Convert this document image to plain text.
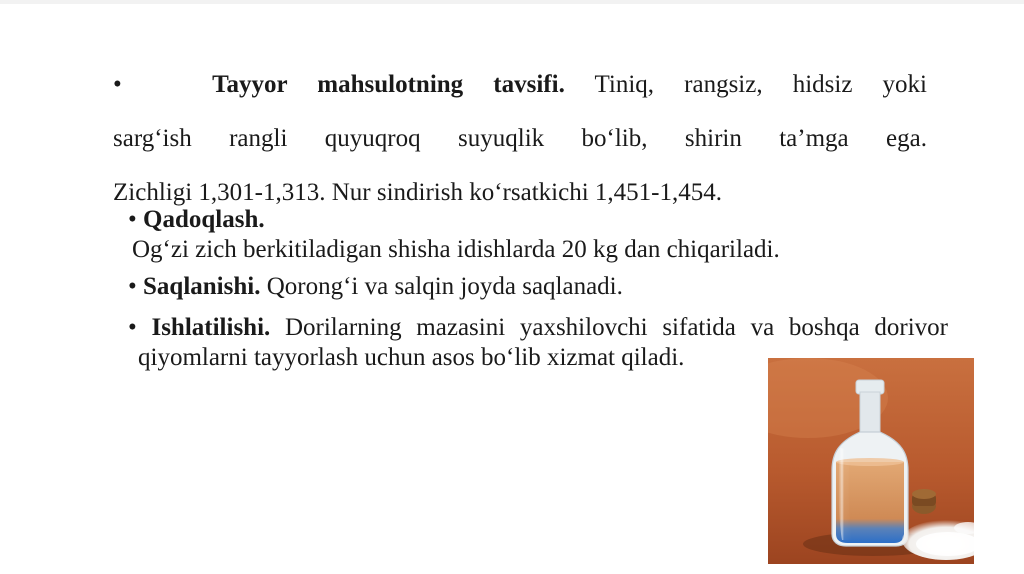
•	Tayyor mahsulotning tavsifi. Tiniq, rangsiz, hidsiz yoki
sarg‘ish rangli quyuqroq suyuqlik bo‘lib, shirin ta’mga ega.
Zichligi 1,301-1,313. Nur sindirish ko‘rsatkichi 1,451-1,454.
• Qadoqlash.
Og‘zi zich berkitiladigan shisha idishlarda 20 kg dan chiqariladi.
• Saqlanishi. Qorong‘i va salqin joyda saqlanadi.
• Ishlatilishi. Dorilarning mazasini yaxshilovchi sifatida va boshqa dorivor qiyomlarni tayyorlash uchun asos bo‘lib xizmat qiladi.
